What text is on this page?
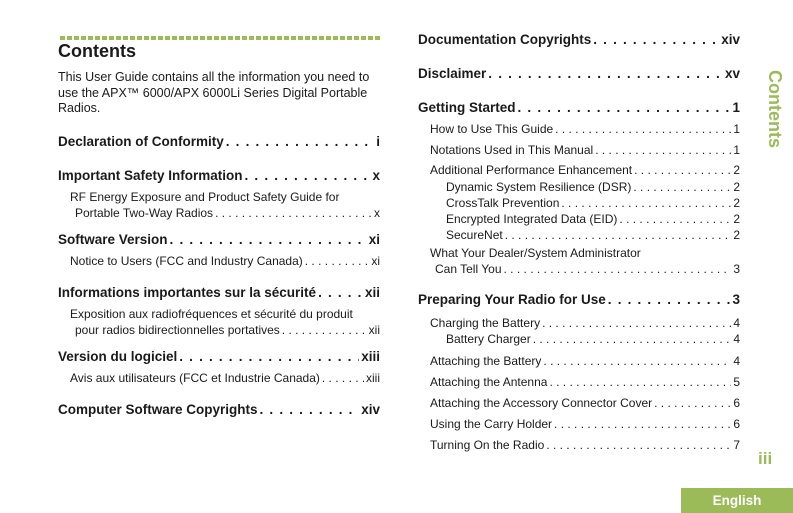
Contents

This User Guide contains all the information you need to use the APX™ 6000/APX 6000Li Series Digital Portable Radios.

Declaration of Conformity . . .	i
Important Safety Information . . .	x
RF Energy Exposure and Product Safety Guide for
Portable Two-Way Radios . . .	x
Software Version . . .	xi
Notice to Users (FCC and Industry Canada) . . .	xi
Informations importantes sur la sécurité . . .	xii
Exposition aux radiofréquences et sécurité du produit
pour radios bidirectionnelles portatives . . .	xii
Version du logiciel . . .	xiii
Avis aux utilisateurs (FCC et Industrie Canada) . . .	xiii
Computer Software Copyrights . . .	xiv
Documentation Copyrights . . .	xiv
Disclaimer . . .	xv
Getting Started . . .	1
How to Use This Guide . . .	1
Notations Used in This Manual . . .	1
Additional Performance Enhancement . . .	2
Dynamic System Resilience (DSR) . . .	2
CrossTalk Prevention . . .	2
Encrypted Integrated Data (EID) . . .	2
SecureNet . . .	2
What Your Dealer/System Administrator
Can Tell You . . .	3
Preparing Your Radio for Use . . .	3
Charging the Battery . . .	4
Battery Charger . . .	4
Attaching the Battery . . .	4
Attaching the Antenna . . .	5
Attaching the Accessory Connector Cover . . .	6
Using the Carry Holder . . .	6
Turning On the Radio . . .	7
Contents
iii
English
